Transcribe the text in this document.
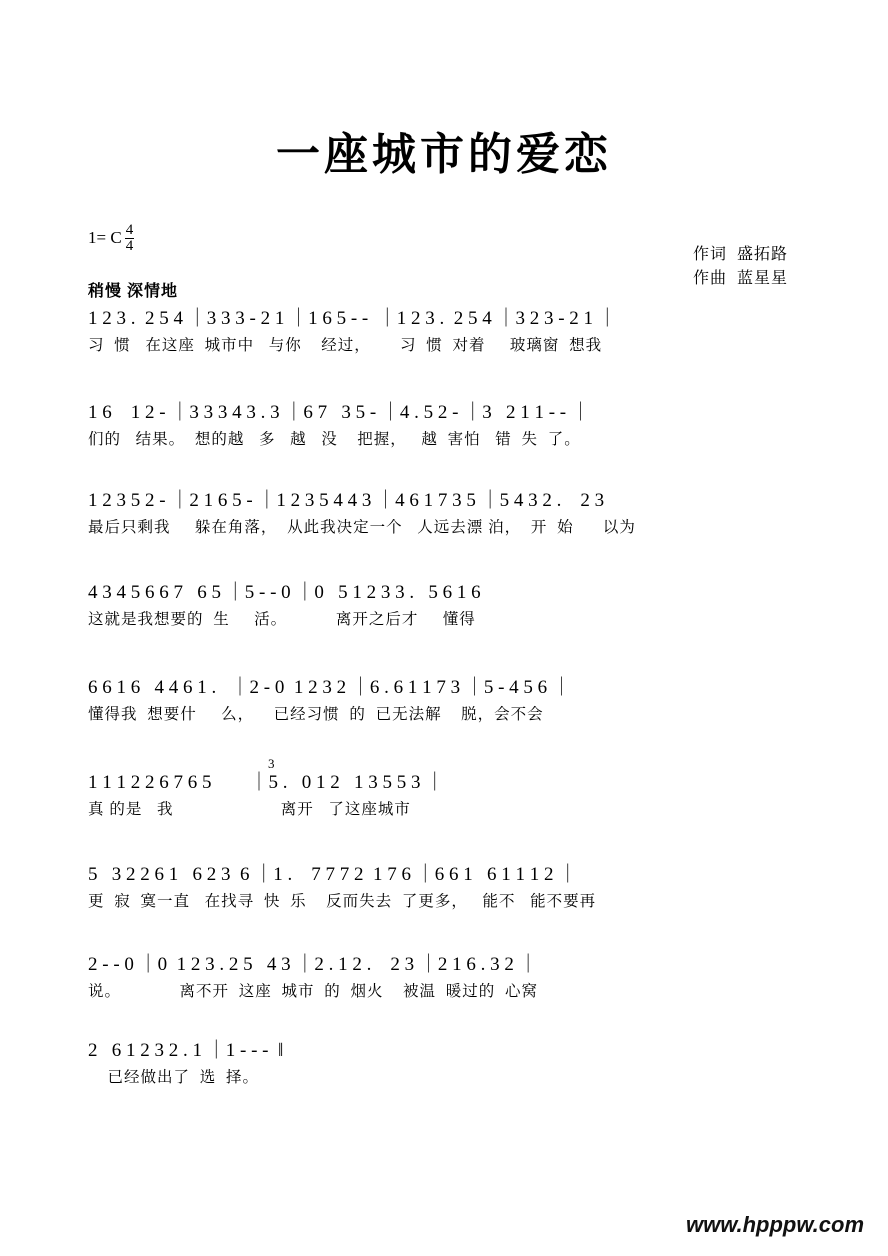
一座城市的爱恋
1= C $\frac{4}{4}$
稍慢 深情地
作词  盛拓路
作曲  蓝星星
1 2 3 .  2 5 4 ｜3 3 3 - 2 1 ｜1 6 5 - -  ｜1 2 3 .  2 5 4 ｜3 2 3 - 2 1 ｜
习  惯   在这座  城市中   与你    经过，      习  惯  对着     玻璃窗  想我
1 6    1 2 - ｜3 3 3 4 3 . 3 ｜6 7   3 5 - ｜4 . 5 2 - ｜3   2 1 1 - - ｜
们的   结果。  想的越   多   越   没    把握，   越  害怕   错  失  了。
1 2 3 5 2 - ｜2 1 6 5 - ｜1 2 3 5 4 4 3 ｜4 6 1 7 3 5 ｜5 4 3 2 .    2 3
最后只剩我     躲在角落，  从此我决定一个   人远去漂 泊，  开  始      以为
4 3 4 5 6 6 7   6 5 ｜5 - - 0 ｜0   5 1 2 3 3 .   5 6 1 6
这就是我想要的  生     活。          离开之后才     懂得
6 6 1 6   4 4 6 1 .   ｜2 - 0  1 2 3 2 ｜6 . 6 1 1 7 3 ｜5 - 4 5 6 ｜
懂得我  想要什     么，    已经习惯  的  已无法解    脱，会不会
3
1 1 1 2 2 6 7 6 5        ｜5 .   0 1 2   1 3 5 5 3 ｜
真 的是   我                      离开   了这座城市
5   3 2 2 6 1   6 2 3  6 ｜1 .    7 7 7 2  1 7 6 ｜6 6 1   6 1 1 1 2 ｜
更  寂  寞一直   在找寻  快  乐    反而失去  了更多，   能不   能不要再
2 - - 0 ｜0  1 2 3 . 2 5   4 3 ｜2 . 1 2 .    2 3 ｜2 1 6 . 3 2 ｜
说。            离不开  这座  城市  的  烟火    被温  暖过的  心窝
2   6 1 2 3 2 . 1 ｜1 - - -  ‖
已经做出了  选  择。
www.hpppw.com
